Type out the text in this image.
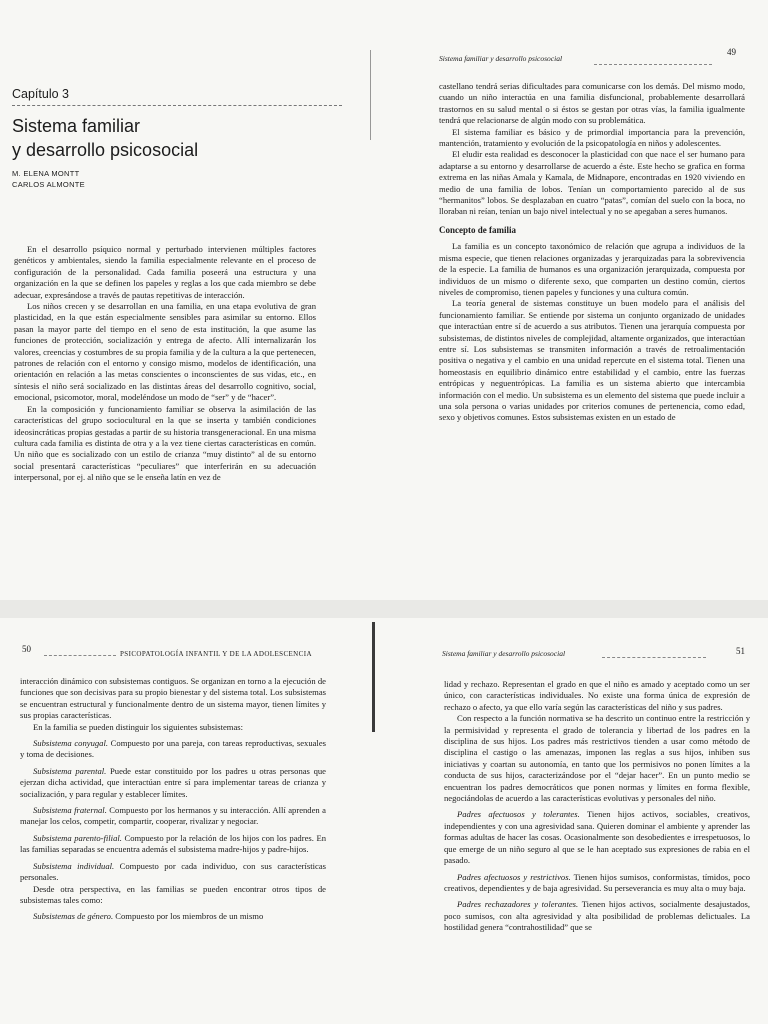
Capítulo 3
Sistema familiar
y desarrollo psicosocial
M. ELENA MONTT
CARLOS ALMONTE

En el desarrollo psíquico normal y perturbado intervienen múltiples factores genéticos y ambientales, siendo la familia especialmente relevante en el proceso de configuración de la personalidad. Cada familia poseerá una estructura y una organización en la que se definen los papeles y reglas a los que cada miembro se debe adecuar, expresándose a través de pautas repetitivas de interacción.

Los niños crecen y se desarrollan en una familia, en una etapa evolutiva de gran plasticidad, en la que están especialmente sensibles para asimilar su entorno. Ellos pasan la mayor parte del tiempo en el seno de esta institución, la que asume las funciones de protección, socialización y entrega de afecto. Allí internalizarán los valores, creencias y costumbres de su propia familia y de la cultura a la que pertenecen, patrones de relación con el entorno y consigo mismo, modelos de identificación, una orientación en relación a las metas conscientes o inconscientes de sus vidas, etc., en síntesis el niño será socializado en las distintas áreas del desarrollo cognitivo, social, emocional, psicomotor, moral, modeléndose un modo de “ser” y de “hacer”.

En la composición y funcionamiento familiar se observa la asimilación de las características del grupo sociocultural en la que se inserta y también condiciones ideosincráticas propias gestadas a partir de su historia transgeneracional. En una misma cultura cada familia es distinta de otra y a la vez tiene ciertas características en común. Un niño que es socializado con un estilo de crianza “muy distinto” al de su entorno social presentará características “peculiares” que interferirán en su adecuación interpersonal, por ej. al niño que se le enseña latín en vez de

Sistema familiar y desarrollo psicosocial
49

castellano tendrá serias dificultades para comunicarse con los demás. Del mismo modo, cuando un niño interactúa en una familia disfuncional, probablemente desarrollará trastornos en su salud mental o si éstos se gestan por otras vías, la familia igualmente tendrá que relacionarse de algún modo con su problemática.

El sistema familiar es básico y de primordial importancia para la prevención, mantención, tratamiento y evolución de la psicopatología en niños y adolescentes.

El eludir esta realidad es desconocer la plasticidad con que nace el ser humano para adaptarse a su entorno y desarrollarse de acuerdo a éste. Este hecho se grafica en forma extrema en las niñas Amala y Kamala, de Midnapore, encontradas en 1920 viviendo en medio de una familia de lobos. Tenían un comportamiento parecido al de sus “hermanitos” lobos. Se desplazaban en cuatro “patas”, comían del suelo con la boca, no lloraban ni reían, tenían un bajo nivel intelectual y no se apegaban a seres humanos.

Concepto de familia

La familia es un concepto taxonómico de relación que agrupa a individuos de la misma especie, que tienen relaciones organizadas y jerarquizadas para la sobrevivencia de la especie. La familia de humanos es una organización jerarquizada, compuesta por individuos de un mismo o diferente sexo, que comparten un destino común, ciertos niveles de compromiso, tienen papeles y funciones y una cultura común.

La teoría general de sistemas constituye un buen modelo para el análisis del funcionamiento familiar. Se entiende por sistema un conjunto organizado de unidades que interactúan entre sí de acuerdo a sus atributos. Tienen una jerarquía compuesta por subsistemas, de distintos niveles de complejidad, altamente organizados, que interactúan entre sí. Los subsistemas se transmiten información a través de retroalimentación positiva o negativa y el cambio en una unidad repercute en el sistema total. Tienen una homeostasis en equilibrio dinámico entre estabilidad y el cambio, entre las fuerzas entrópicas y neguentrópicas. La familia es un sistema abierto que intercambia información con el medio. Un subsistema es un elemento del sistema que puede incluir a una sola persona o varias unidades por criterios comunes de pertenencia, como edad, sexo y objetivos comunes. Estos subsistemas existen en un estado de

50	PSICOPATOLOGÍA INFANTIL Y DE LA ADOLESCENCIA

interacción dinámico con subsistemas contiguos. Se organizan en torno a la ejecución de funciones que son decisivas para su propio bienestar y del sistema total. Los subsistemas se encuentran estructural y funcionalmente dentro de un sistema mayor, tienen límites y sus propias características.

En la familia se pueden distinguir los siguientes subsistemas:

Subsistema conyugal. Compuesto por una pareja, con tareas reproductivas, sexuales y toma de decisiones.

Subsistema parental. Puede estar constituido por los padres u otras personas que ejerzan dicha actividad, que interactúan entre sí para implementar tareas de crianza y socialización, y para regular y establecer límites.

Subsistema fraternal. Compuesto por los hermanos y su interacción. Allí aprenden a manejar los celos, competir, compartir, cooperar, rivalizar y negociar.

Subsistema parento-filial. Compuesto por la relación de los hijos con los padres. En las familias separadas se encuentra además el subsistema madre-hijos y padre-hijos.

Subsistema individual. Compuesto por cada individuo, con sus características personales.

Desde otra perspectiva, en las familias se pueden encontrar otros tipos de subsistemas tales como:

Subsistemas de género. Compuesto por los miembros de un mismo

Sistema familiar y desarrollo psicosocial	51

lidad y rechazo. Representan el grado en que el niño es amado y aceptado como un ser único, con características individuales. No existe una forma única de expresión de rechazo o afecto, ya que ello varía según las características del niño y sus padres.

Con respecto a la función normativa se ha descrito un continuo entre la restricción y la permisividad y representa el grado de tolerancia y libertad de los padres en la disciplina de sus hijos. Los padres más restrictivos tienden a usar como método de disciplina el castigo o las amenazas, imponen las reglas a sus hijos, inhiben sus iniciativas y coartan su autonomía, en tanto que los permisivos no ponen límites a la conducta de sus hijos, caracterizándose por el “dejar hacer”. En un punto medio se encuentran los padres democráticos que ponen normas y límites en forma flexible, negociándolas de acuerdo a las características evolutivas y personales del niño.

Padres afectuosos y tolerantes. Tienen hijos activos, sociables, creativos, independientes y con una agresividad sana. Quieren dominar el ambiente y aprender las formas adultas de hacer las cosas. Ocasionalmente son desobedientes e irrespetuosos, lo que emerge de un niño seguro al que se le han aceptado sus expresiones de rabia en el pasado.

Padres afectuosos y restrictivos. Tienen hijos sumisos, conformistas, tímidos, poco creativos, dependientes y de baja agresividad. Su perseverancia es muy alta o muy baja.

Padres rechazadores y tolerantes. Tienen hijos activos, socialmente desajustados, poco sumisos, con alta agresividad y alta posibilidad de problemas delictuales. La hostilidad genera “contrahostilidad” que se
